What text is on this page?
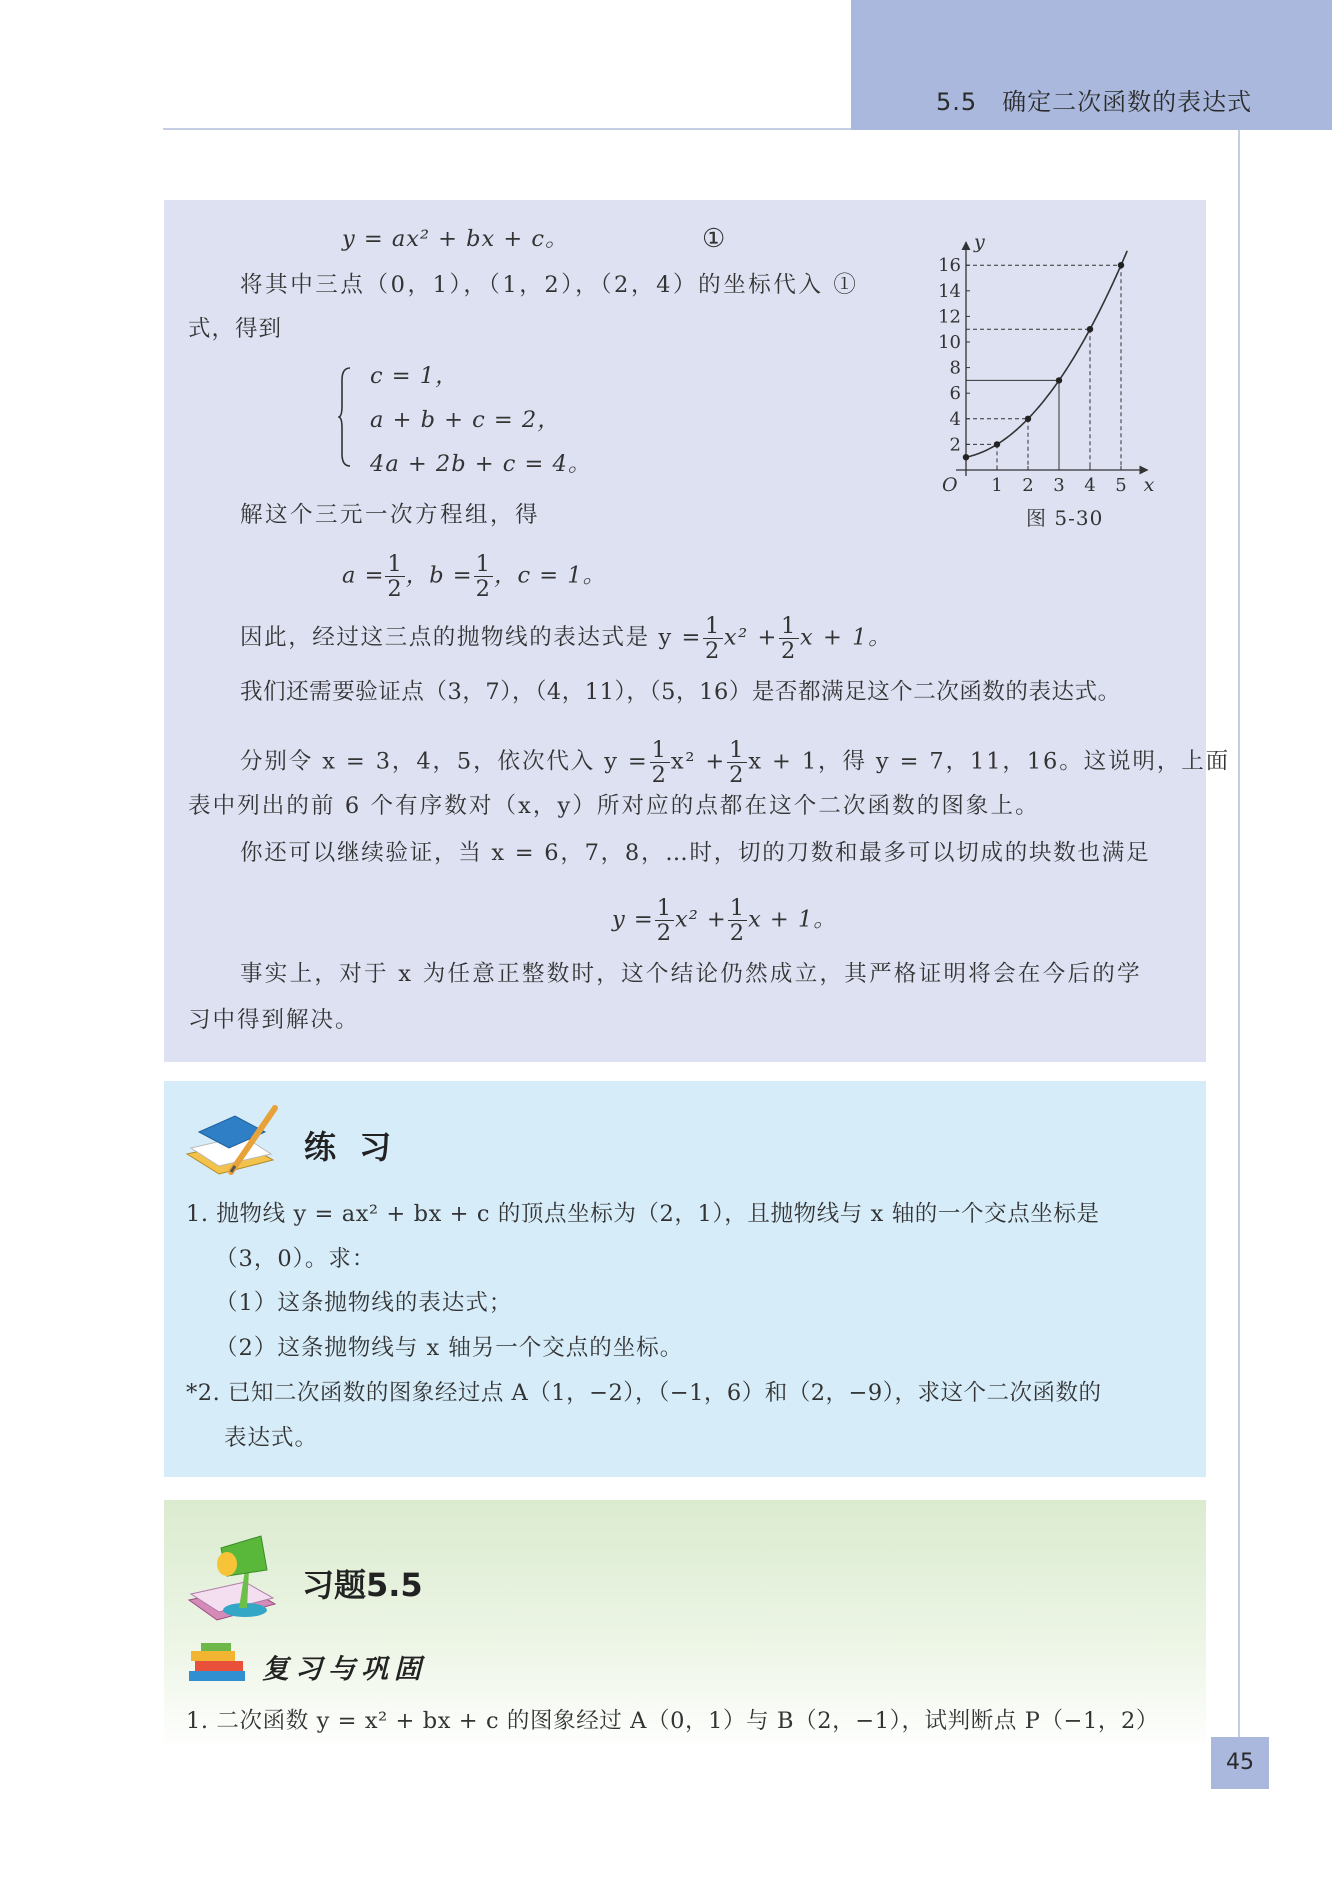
5.5　确定二次函数的表达式
y = ax² + bx + c。	①
将其中三点（0，1），（1，2），（2，4）的坐标代入 ①
式，得到
c = 1，
a + b + c = 2，
4a + 2b + c = 4。
解这个三元一次方程组，得
$a = \frac{1}{2}$ ，$b = \frac{1}{2}$ ，c = 1。
因此，经过这三点的抛物线的表达式是 $y = \frac{1}{2} x^2 + \frac{1}{2}$ x + 1。
我们还需要验证点（3，7），（4，11），（5，16）是否都满足这个二次函数的表达式。
分别令 x = 3，4，5，依次代入 $y = \frac{1}{2} x^2 + \frac{1}{2}$ x + 1，得 y = 7，11，16。这说明，上面
表中列出的前 6 个有序数对（x，y）所对应的点都在这个二次函数的图象上。
你还可以继续验证，当 x = 6，7，8，…时，切的刀数和最多可以切成的块数也满足
$y = \frac{1}{2} x^2 + \frac{1}{2}$ x + 1。
事实上，对于 x 为任意正整数时，这个结论仍然成立，其严格证明将会在今后的学
习中得到解决。
1 2 3 4 5
2
4
6
8
10
12
14
16
x
y
O
图 5-30
练 习
1. 抛物线 y = ax² + bx + c 的顶点坐标为（2，1），且抛物线与 x 轴的一个交点坐标是
（3，0）。求：
（1）这条抛物线的表达式；
（2）这条抛物线与 x 轴另一个交点的坐标。
*2. 已知二次函数的图象经过点 A（1，−2），（−1，6）和（2，−9），求这个二次函数的
表达式。
习题5.5
复习与巩固
1. 二次函数 y = x² + bx + c 的图象经过 A（0，1）与 B（2，−1），试判断点 P（−1，2）
45
